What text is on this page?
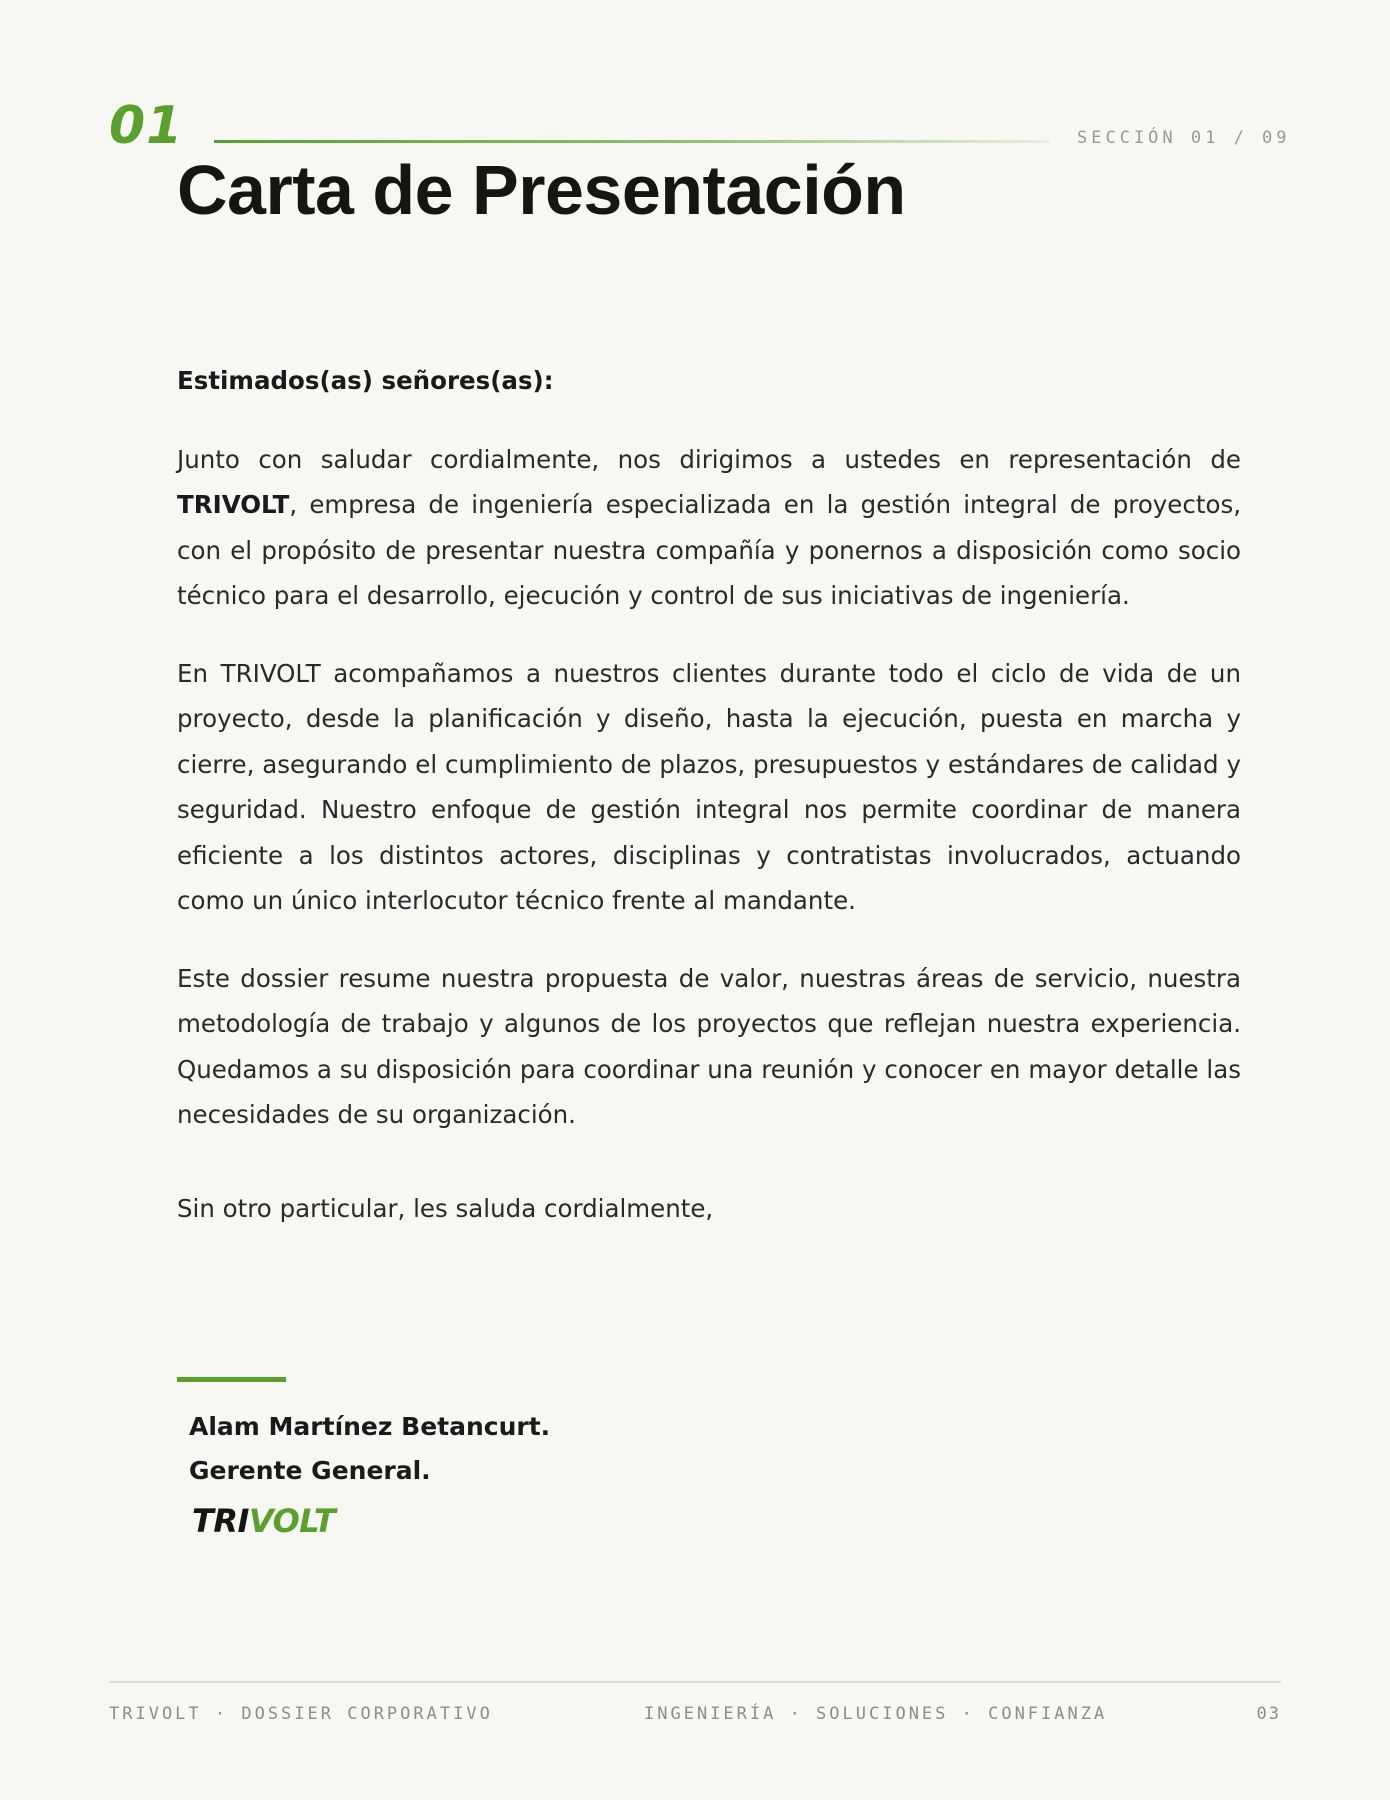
01	SECCIÓN 01 / 09
Carta de Presentación

Estimados(as) señores(as):

Junto con saludar cordialmente, nos dirigimos a ustedes en representación de TRIVOLT, empresa de ingeniería especializada en la gestión integral de proyectos, con el propósito de presentar nuestra compañía y ponernos a disposición como socio técnico para el desarrollo, ejecución y control de sus iniciativas de ingeniería.

En TRIVOLT acompañamos a nuestros clientes durante todo el ciclo de vida de un proyecto, desde la planificación y diseño, hasta la ejecución, puesta en marcha y cierre, asegurando el cumplimiento de plazos, presupuestos y estándares de calidad y seguridad. Nuestro enfoque de gestión integral nos permite coordinar de manera eficiente a los distintos actores, disciplinas y contratistas involucrados, actuando como un único interlocutor técnico frente al mandante.

Este dossier resume nuestra propuesta de valor, nuestras áreas de servicio, nuestra metodología de trabajo y algunos de los proyectos que reflejan nuestra experiencia. Quedamos a su disposición para coordinar una reunión y conocer en mayor detalle las necesidades de su organización.

Sin otro particular, les saluda cordialmente,

Alam Martínez Betancurt.
Gerente General.
TRIVOLT
TRIVOLT · DOSSIER CORPORATIVO	INGENIERÍA · SOLUCIONES · CONFIANZA	03
